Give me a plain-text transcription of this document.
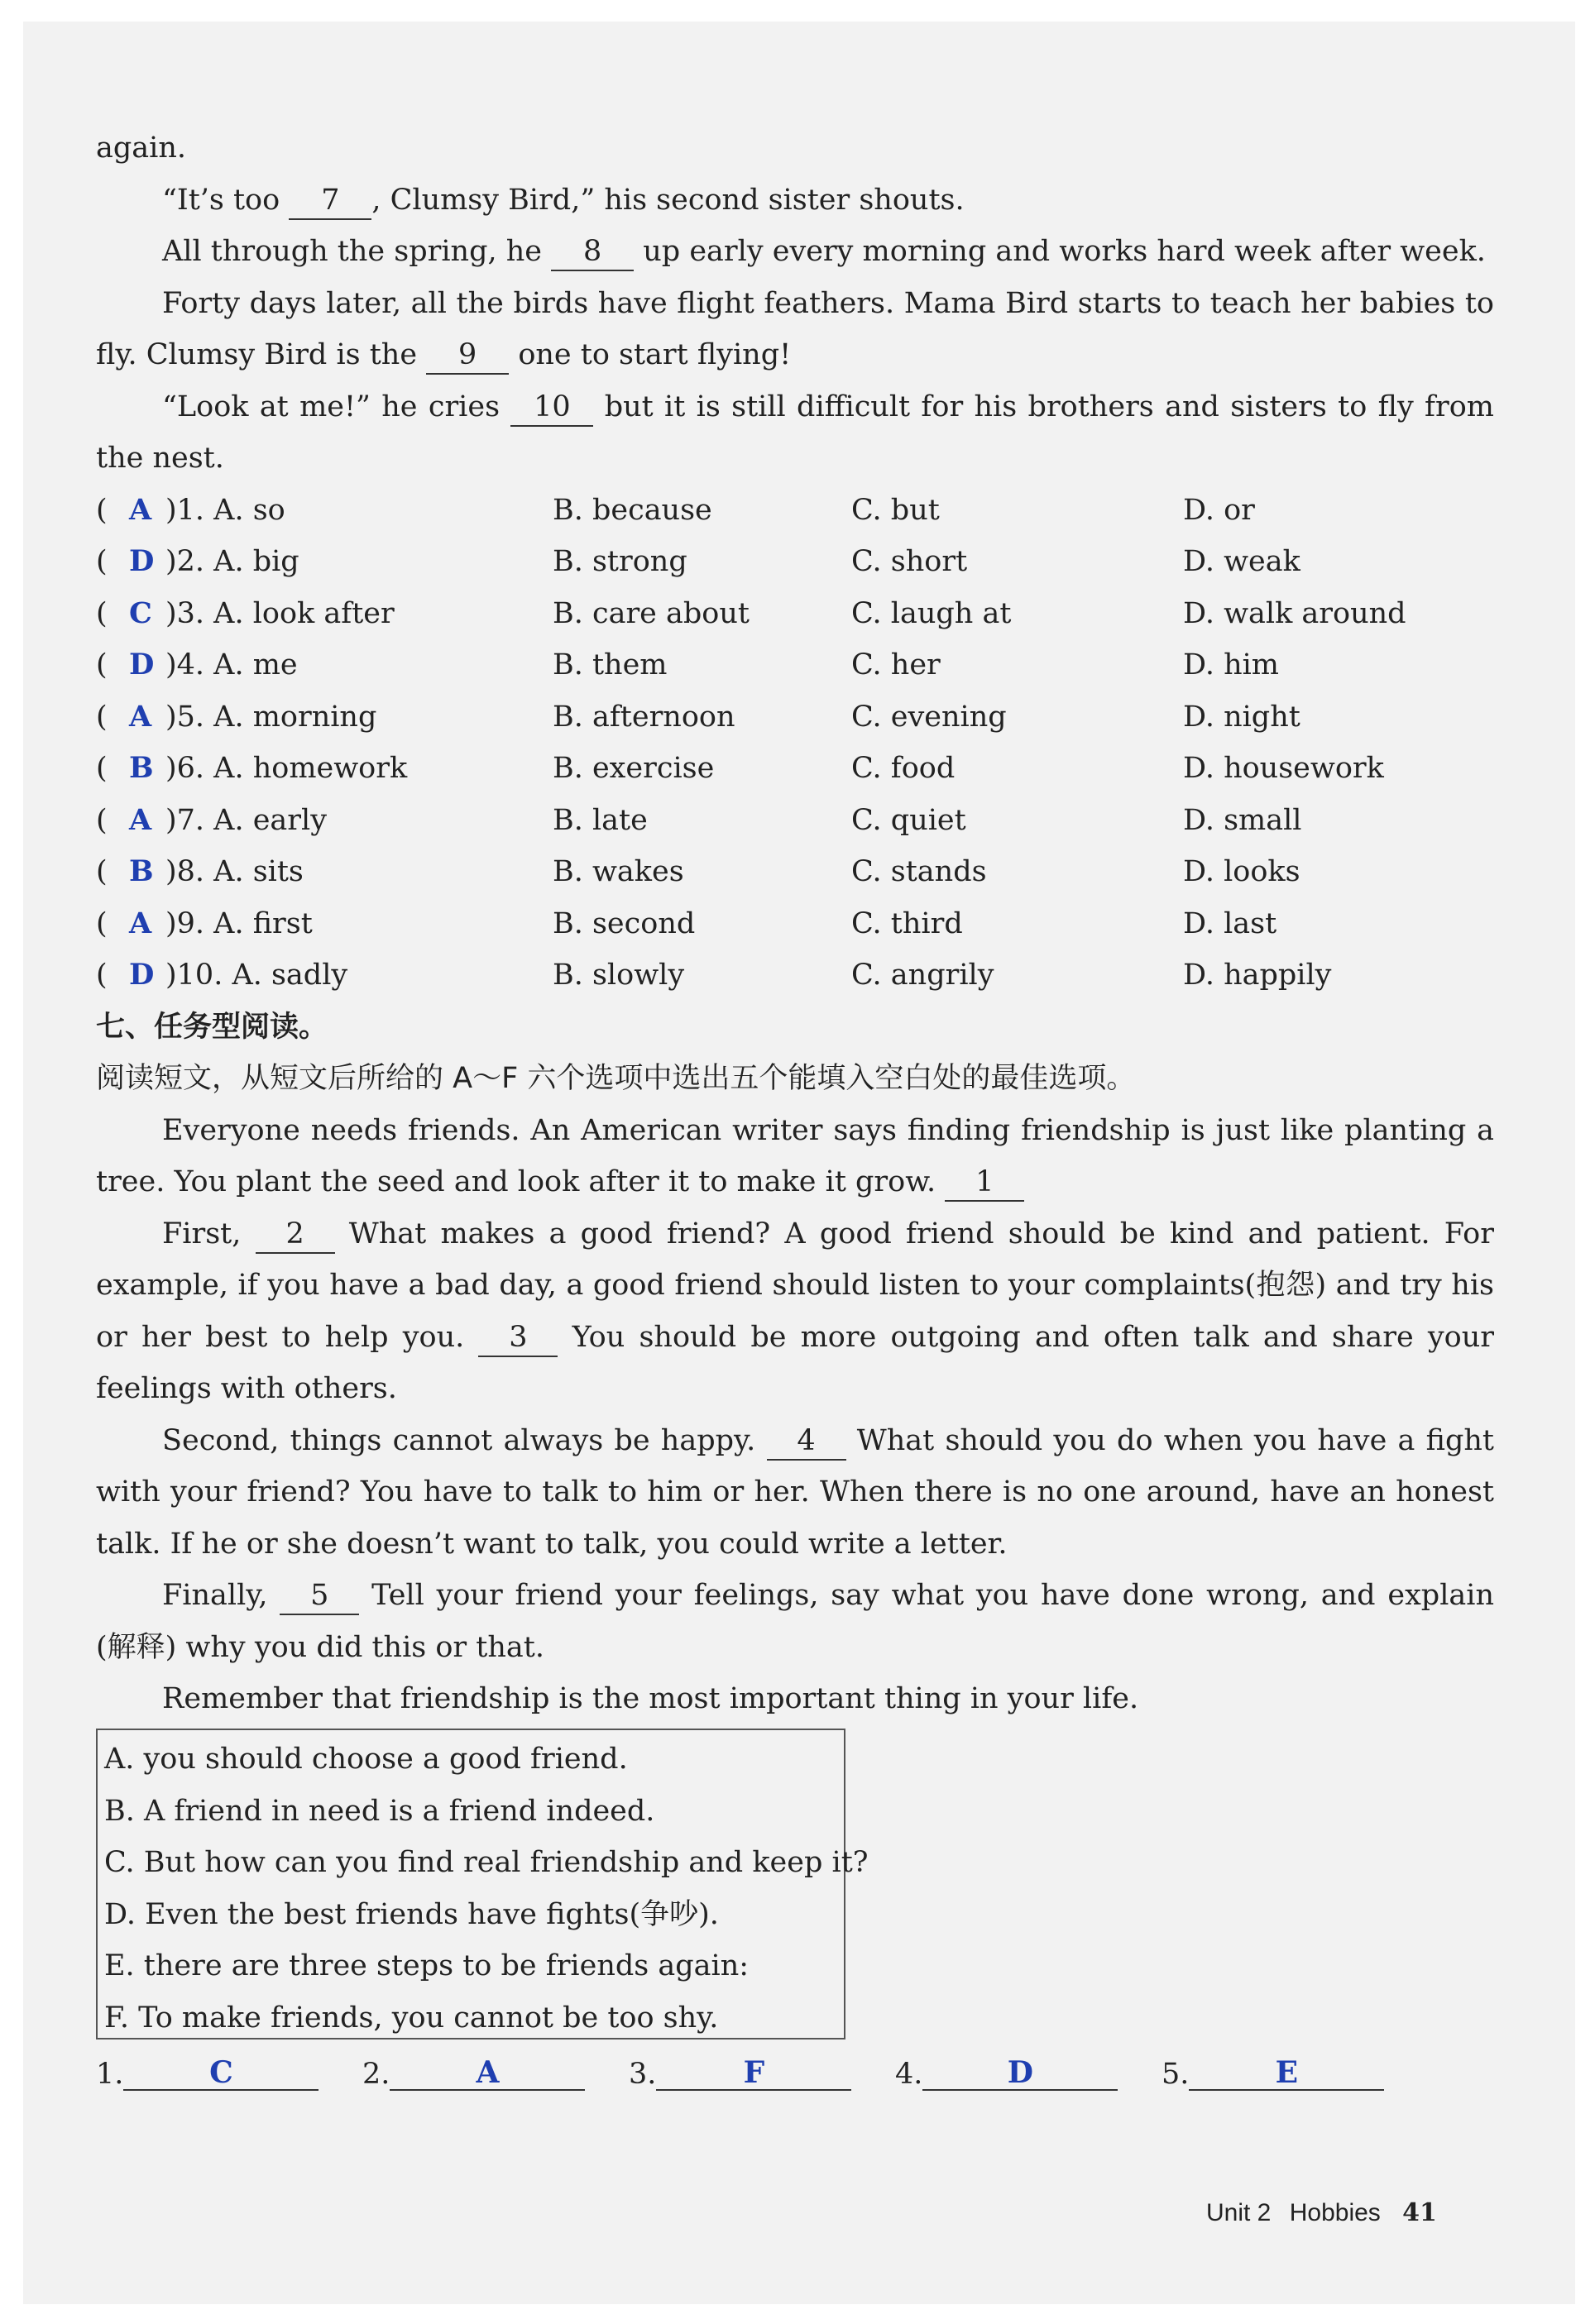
again.

“It’s too 7 , Clumsy Bird,” his second sister shouts.

All through the spring, he 8 up early every morning and works hard week after week.

Forty days later, all the birds have flight feathers. Mama Bird starts to teach her babies to fly. Clumsy Bird is the 9 one to start flying!

“Look at me!” he cries 10 but it is still difficult for his brothers and sisters to fly from the nest.

( A )1. A. so	B. because	C. but	D. or
( D )2. A. big	B. strong	C. short	D. weak
( C )3. A. look after	B. care about	C. laugh at	D. walk around
( D )4. A. me	B. them	C. her	D. him
( A )5. A. morning	B. afternoon	C. evening	D. night
( B )6. A. homework	B. exercise	C. food	D. housework
( A )7. A. early	B. late	C. quiet	D. small
( B )8. A. sits	B. wakes	C. stands	D. looks
( A )9. A. first	B. second	C. third	D. last
( D )10. A. sadly	B. slowly	C. angrily	D. happily
七、任务型阅读。
阅读短文，从短文后所给的 A～F 六个选项中选出五个能填入空白处的最佳选项。

Everyone needs friends. An American writer says finding friendship is just like planting a tree. You plant the seed and look after it to make it grow. 1

First, 2 What makes a good friend? A good friend should be kind and patient. For example, if you have a bad day, a good friend should listen to your complaints(抱怨) and try his or her best to help you. 3 You should be more outgoing and often talk and share your feelings with others.

Second, things cannot always be happy. 4 What should you do when you have a fight with your friend? You have to talk to him or her. When there is no one around, have an honest talk. If he or she doesn’t want to talk, you could write a letter.

Finally, 5 Tell your friend your feelings, say what you have done wrong, and explain (解释) why you did this or that.

Remember that friendship is the most important thing in your life.

A. you should choose a good friend.
B. A friend in need is a friend indeed.
C. But how can you find real friendship and keep it?
D. Even the best friends have fights(争吵).
E. there are three steps to be friends again:
F. To make friends, you cannot be too shy.
1.	C	2.	A	3.	F	4.	D	5.	E
Unit 2 Hobbies 41
